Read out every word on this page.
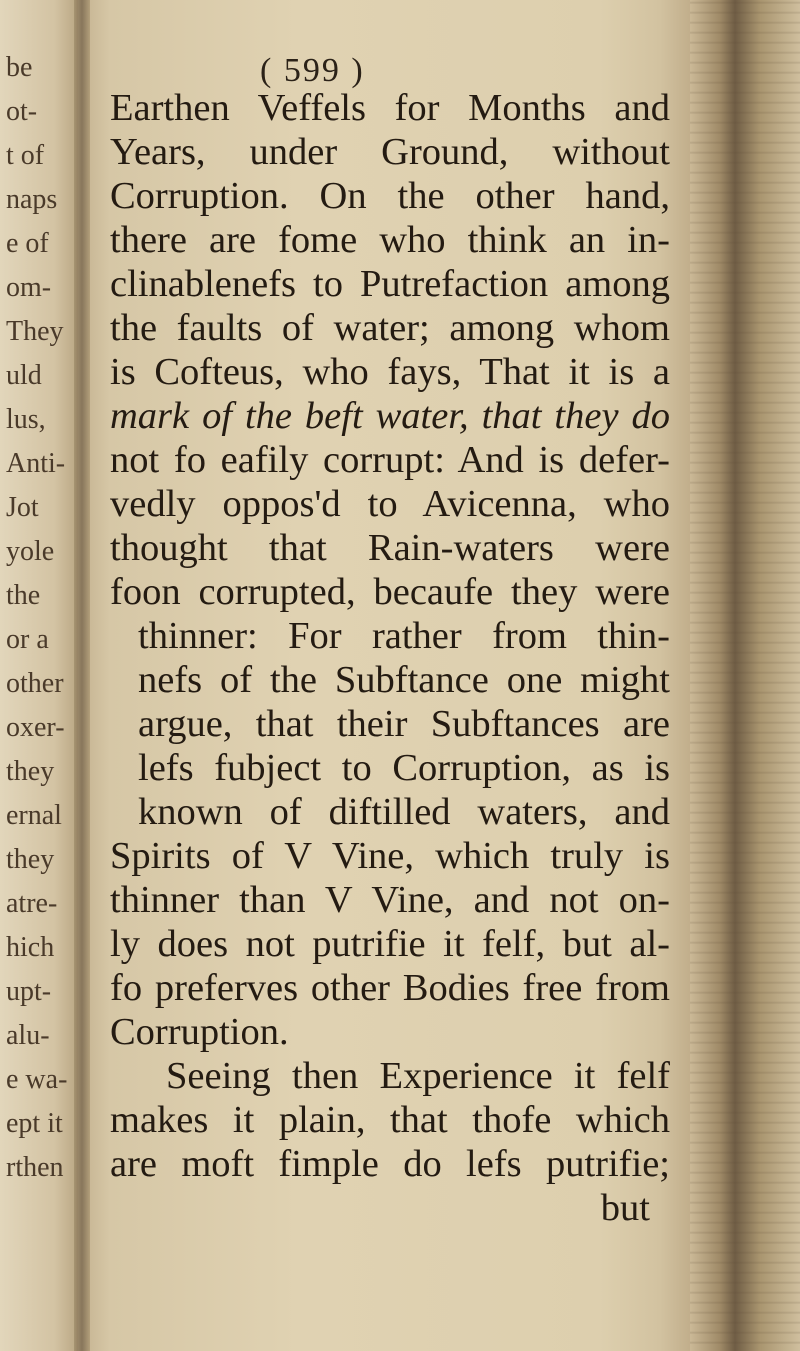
be
ot-
t of
naps
e of
om-
They
uld
lus,
Anti-
Jot
yole
the
or a
other
oxer-
they
ernal
they
atre-
hich
upt-
alu-
e wa-
ept it
rthen
( 599 )
Earthen Veffels for Months and
Years, under Ground, without
Corruption. On the other hand,
there are fome who think an in-
clinablenefs to Putrefaction among
the faults of water; among whom
is Cofteus, who fays, That it is a
mark of the beft water, that they do
not fo eafily corrupt: And is defer-
vedly oppos'd to Avicenna, who
thought that Rain-waters were
foon corrupted, becaufe they were
thinner: For rather from thin-
nefs of the Subftance one might
argue, that their Subftances are
lefs fubject to Corruption, as is
known of diftilled waters, and
Spirits of V Vine, which truly is
thinner than V Vine, and not on-
ly does not putrifie it felf, but al-
fo preferves other Bodies free from
Corruption.
Seeing then Experience it felf
makes it plain, that thofe which
are moft fimple do lefs putrifie;
but
